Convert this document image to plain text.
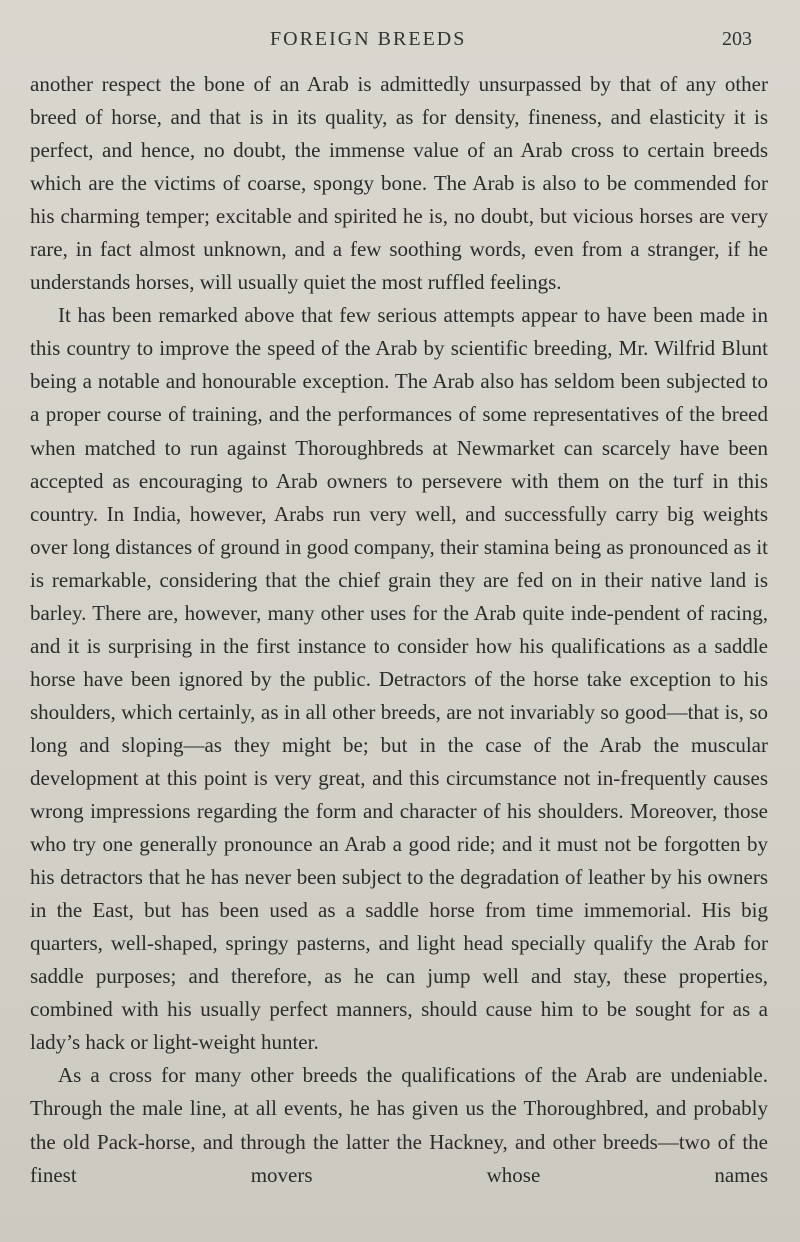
FOREIGN BREEDS	203

another respect the bone of an Arab is admittedly unsurpassed by that of any other breed of horse, and that is in its quality, as for density, fineness, and elasticity it is perfect, and hence, no doubt, the immense value of an Arab cross to certain breeds which are the victims of coarse, spongy bone. The Arab is also to be commended for his charming temper; excitable and spirited he is, no doubt, but vicious horses are very rare, in fact almost unknown, and a few soothing words, even from a stranger, if he understands horses, will usually quiet the most ruffled feelings.

It has been remarked above that few serious attempts appear to have been made in this country to improve the speed of the Arab by scientific breeding, Mr. Wilfrid Blunt being a notable and honourable exception. The Arab also has seldom been subjected to a proper course of training, and the performances of some representatives of the breed when matched to run against Thoroughbreds at Newmarket can scarcely have been accepted as encouraging to Arab owners to persevere with them on the turf in this country. In India, however, Arabs run very well, and successfully carry big weights over long distances of ground in good company, their stamina being as pronounced as it is remarkable, considering that the chief grain they are fed on in their native land is barley. There are, however, many other uses for the Arab quite inde-pendent of racing, and it is surprising in the first instance to consider how his qualifications as a saddle horse have been ignored by the public. Detractors of the horse take exception to his shoulders, which certainly, as in all other breeds, are not invariably so good—that is, so long and sloping—as they might be; but in the case of the Arab the muscular development at this point is very great, and this circumstance not in-frequently causes wrong impressions regarding the form and character of his shoulders. Moreover, those who try one generally pronounce an Arab a good ride; and it must not be forgotten by his detractors that he has never been subject to the degradation of leather by his owners in the East, but has been used as a saddle horse from time immemorial. His big quarters, well-shaped, springy pasterns, and light head specially qualify the Arab for saddle purposes; and therefore, as he can jump well and stay, these properties, combined with his usually perfect manners, should cause him to be sought for as a lady’s hack or light-weight hunter.

As a cross for many other breeds the qualifications of the Arab are undeniable. Through the male line, at all events, he has given us the Thoroughbred, and probably the old Pack-horse, and through the latter the Hackney, and other breeds—two of the finest movers whose names
